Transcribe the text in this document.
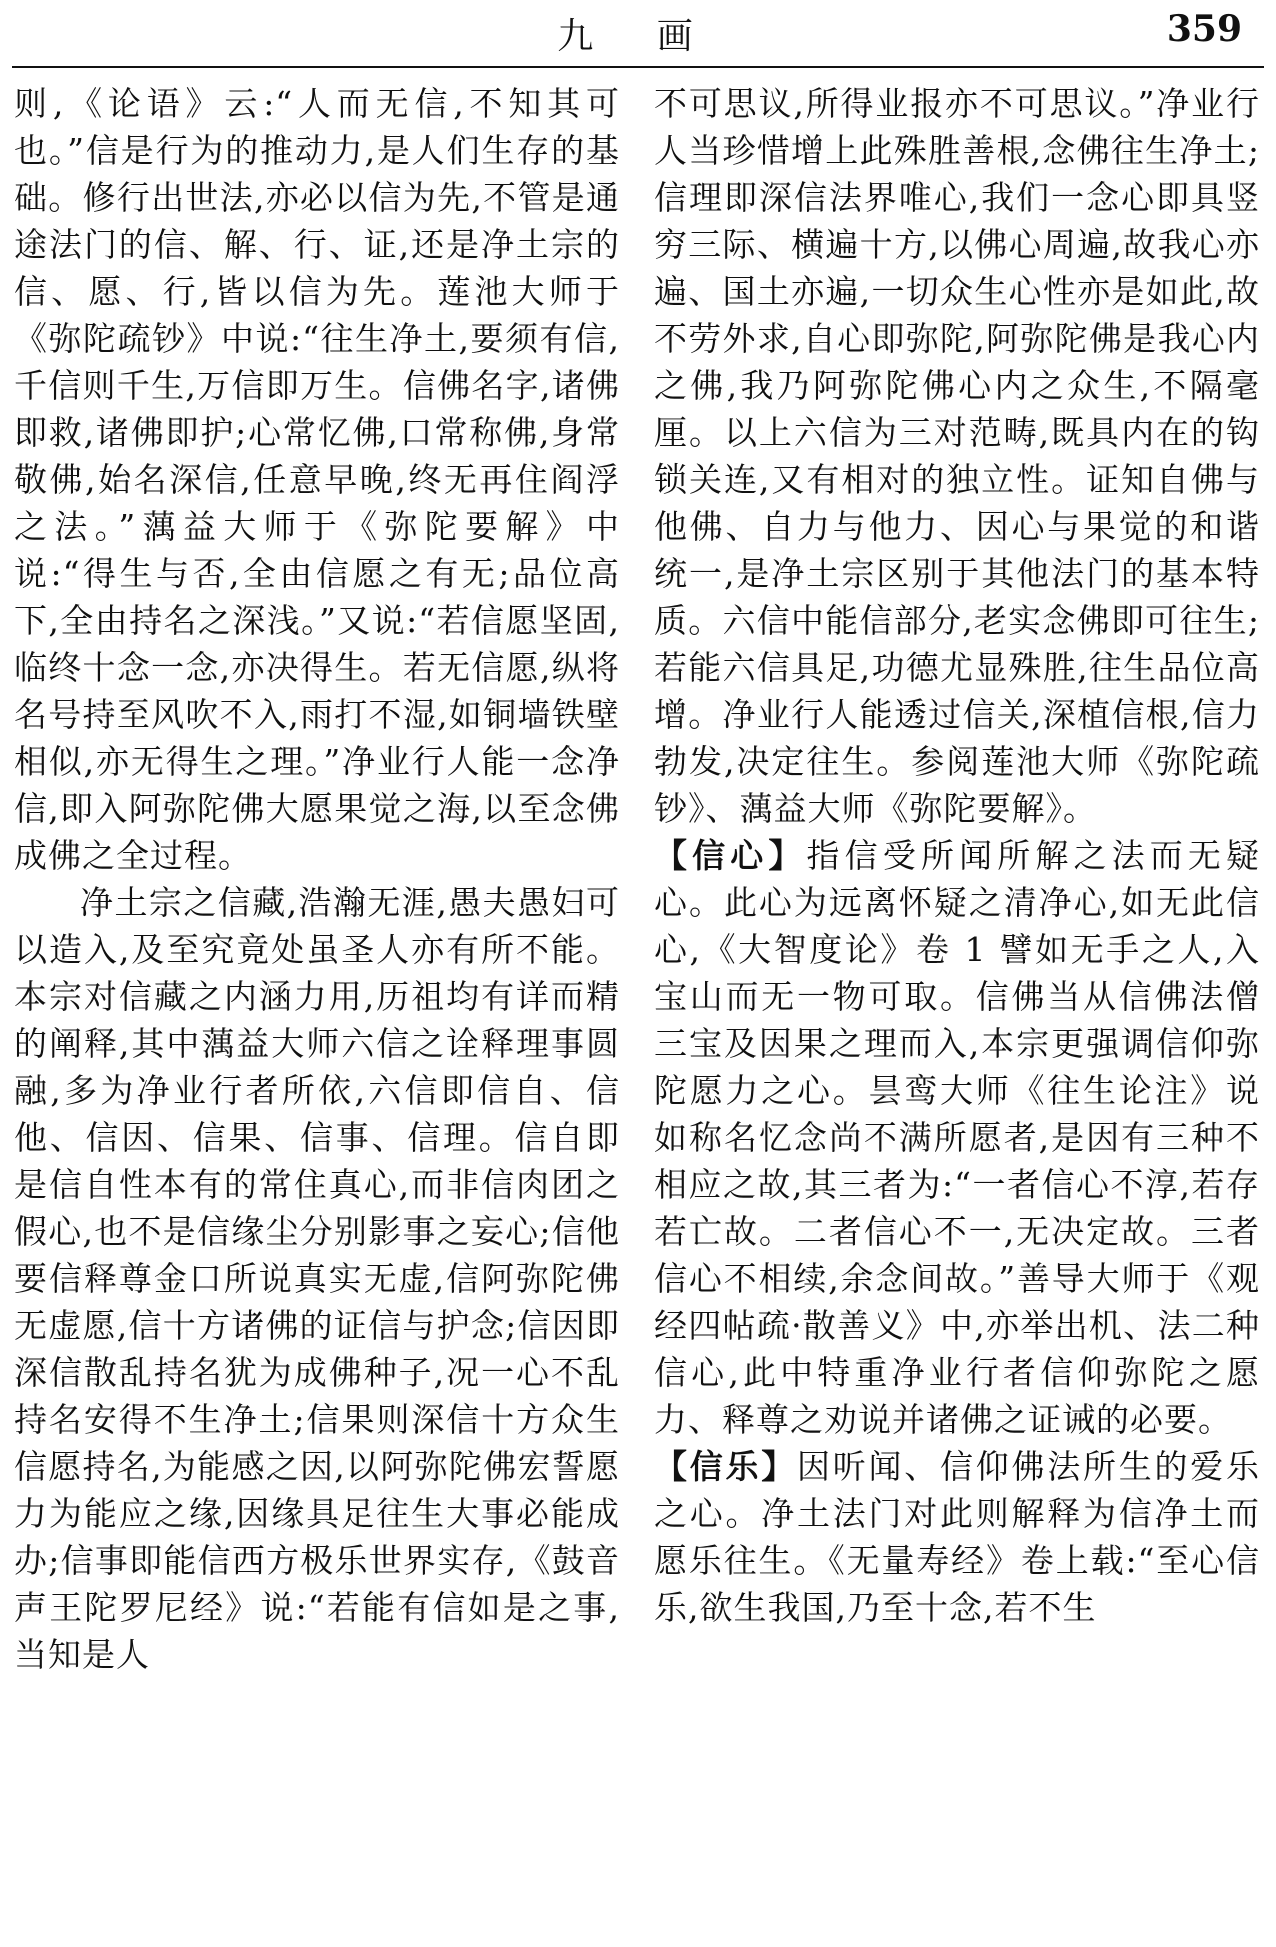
九 画	359

则,《论语》云:“人而无信,不知其可也。”信是行为的推动力,是人们生存的基础。修行出世法,亦必以信为先,不管是通途法门的信、解、行、证,还是净土宗的信、愿、行,皆以信为先。莲池大师于《弥陀疏钞》中说:“往生净土,要须有信,千信则千生,万信即万生。信佛名字,诸佛即救,诸佛即护;心常忆佛,口常称佛,身常敬佛,始名深信,任意早晚,终无再住阎浮之法。”蕅益大师于《弥陀要解》中说:“得生与否,全由信愿之有无;品位高下,全由持名之深浅。”又说:“若信愿坚固,临终十念一念,亦决得生。若无信愿,纵将名号持至风吹不入,雨打不湿,如铜墙铁壁相似,亦无得生之理。”净业行人能一念净信,即入阿弥陀佛大愿果觉之海,以至念佛成佛之全过程。

净土宗之信藏,浩瀚无涯,愚夫愚妇可以造入,及至究竟处虽圣人亦有所不能。本宗对信藏之内涵力用,历祖均有详而精的阐释,其中蕅益大师六信之诠释理事圆融,多为净业行者所依,六信即信自、信他、信因、信果、信事、信理。信自即是信自性本有的常住真心,而非信肉团之假心,也不是信缘尘分别影事之妄心;信他要信释尊金口所说真实无虚,信阿弥陀佛无虚愿,信十方诸佛的证信与护念;信因即深信散乱持名犹为成佛种子,况一心不乱持名安得不生净土;信果则深信十方众生信愿持名,为能感之因,以阿弥陀佛宏誓愿力为能应之缘,因缘具足往生大事必能成办;信事即能信西方极乐世界实存,《鼓音声王陀罗尼经》说:“若能有信如是之事,当知是人

不可思议,所得业报亦不可思议。”净业行人当珍惜增上此殊胜善根,念佛往生净土;信理即深信法界唯心,我们一念心即具竖穷三际、横遍十方,以佛心周遍,故我心亦遍、国土亦遍,一切众生心性亦是如此,故不劳外求,自心即弥陀,阿弥陀佛是我心内之佛,我乃阿弥陀佛心内之众生,不隔毫厘。以上六信为三对范畴,既具内在的钩锁关连,又有相对的独立性。证知自佛与他佛、自力与他力、因心与果觉的和谐统一,是净土宗区别于其他法门的基本特质。六信中能信部分,老实念佛即可往生;若能六信具足,功德尤显殊胜,往生品位高增。净业行人能透过信关,深植信根,信力勃发,决定往生。参阅莲池大师《弥陀疏钞》、蕅益大师《弥陀要解》。

【信心】指信受所闻所解之法而无疑心。此心为远离怀疑之清净心,如无此信心,《大智度论》卷 1 譬如无手之人,入宝山而无一物可取。信佛当从信佛法僧三宝及因果之理而入,本宗更强调信仰弥陀愿力之心。昙鸾大师《往生论注》说如称名忆念尚不满所愿者,是因有三种不相应之故,其三者为:“一者信心不淳,若存若亡故。二者信心不一,无决定故。三者信心不相续,余念间故。”善导大师于《观经四帖疏·散善义》中,亦举出机、法二种信心,此中特重净业行者信仰弥陀之愿力、释尊之劝说并诸佛之证诫的必要。

【信乐】因听闻、信仰佛法所生的爱乐之心。净土法门对此则解释为信净土而愿乐往生。《无量寿经》卷上载:“至心信乐,欲生我国,乃至十念,若不生
